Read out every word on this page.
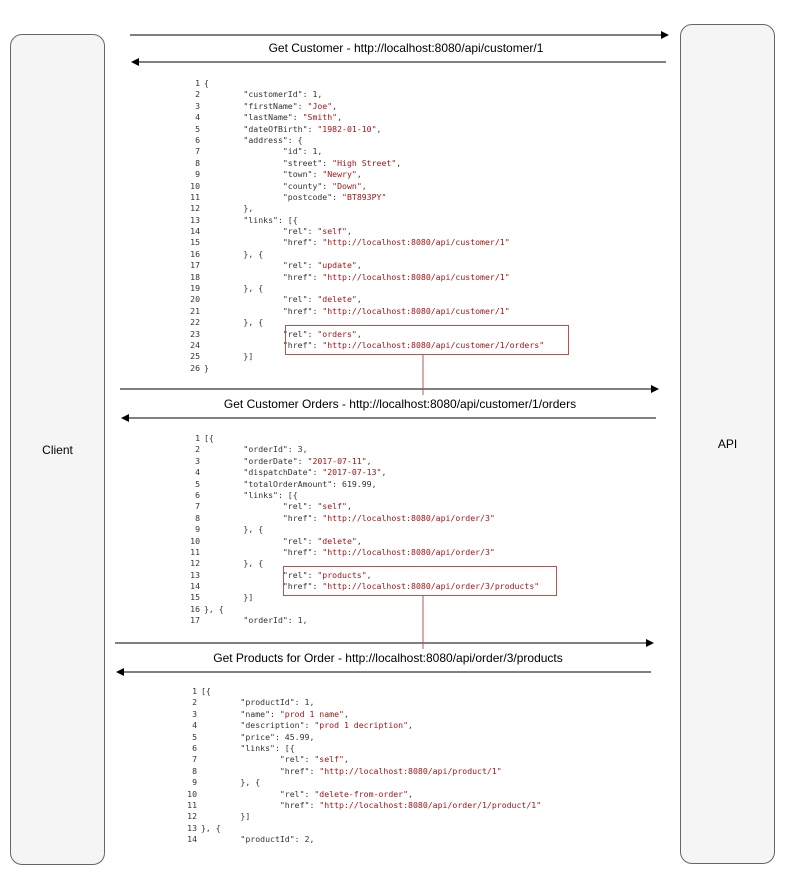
Client	API
Get Customer - http://localhost:8080/api/customer/1
Get Customer Orders - http://localhost:8080/api/customer/1/orders
Get Products for Order - http://localhost:8080/api/order/3/products
1 {
2        "customerId": 1,
3        "firstName": "Joe",
4        "lastName": "Smith",
5        "dateOfBirth": "1982-01-10",
6        "address": {
7                "id": 1,
8                "street": "High Street",
9                "town": "Newry",
10                "county": "Down",
11                "postcode": "BT893PY"
12        },
13        "links": [{
14                "rel": "self",
15                "href": "http://localhost:8080/api/customer/1"
16        }, {
17                "rel": "update",
18                "href": "http://localhost:8080/api/customer/1"
19        }, {
20                "rel": "delete",
21                "href": "http://localhost:8080/api/customer/1"
22        }, {
23                "rel": "orders",
24                "href": "http://localhost:8080/api/customer/1/orders"
25        }]
26 }
1 [{
2        "orderId": 3,
3        "orderDate": "2017-07-11",
4        "dispatchDate": "2017-07-13",
5        "totalOrderAmount": 619.99,
6        "links": [{
7                "rel": "self",
8                "href": "http://localhost:8080/api/order/3"
9        }, {
10                "rel": "delete",
11                "href": "http://localhost:8080/api/order/3"
12        }, {
13                "rel": "products",
14                "href": "http://localhost:8080/api/order/3/products"
15        }]
16 }, {
17        "orderId": 1,
1 [{
2        "productId": 1,
3        "name": "prod 1 name",
4        "description": "prod 1 decription",
5        "price": 45.99,
6        "links": [{
7                "rel": "self",
8                "href": "http://localhost:8080/api/product/1"
9        }, {
10                "rel": "delete-from-order",
11                "href": "http://localhost:8080/api/order/1/product/1"
12        }]
13 }, {
14        "productId": 2,
